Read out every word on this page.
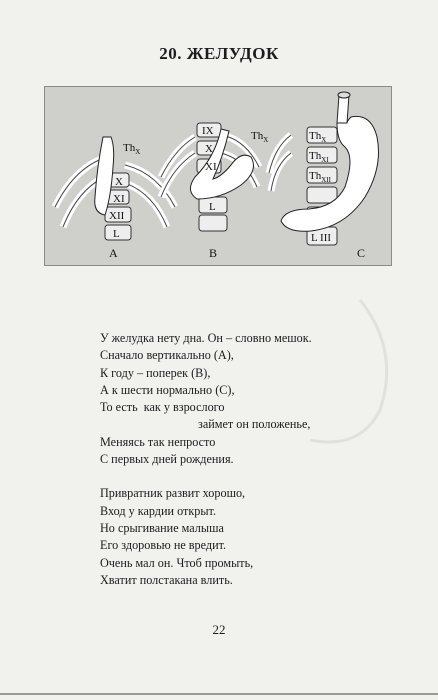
20. ЖЕЛУДОК
А
$Th_X$
X
XI
XII
L
В
$Th_X$
IX
X
XI
L
С
$Th_X$
$Th_{XI}$
$Th_{XII}$
L III
У желудка нету дна. Он – словно мешок.
Сначало вертикально (А),
К году – поперек (В),
А к шести нормально (С),
То есть  как у взрослого
займет он положенье,
Меняясь так непросто
С первых дней рождения.
Привратник развит хорошо,
Вход у кардии открыт.
Но срыгивание малыша
Его здоровью не вредит.
Очень мал он. Чтоб промыть,
Хватит полстакана влить.
22
